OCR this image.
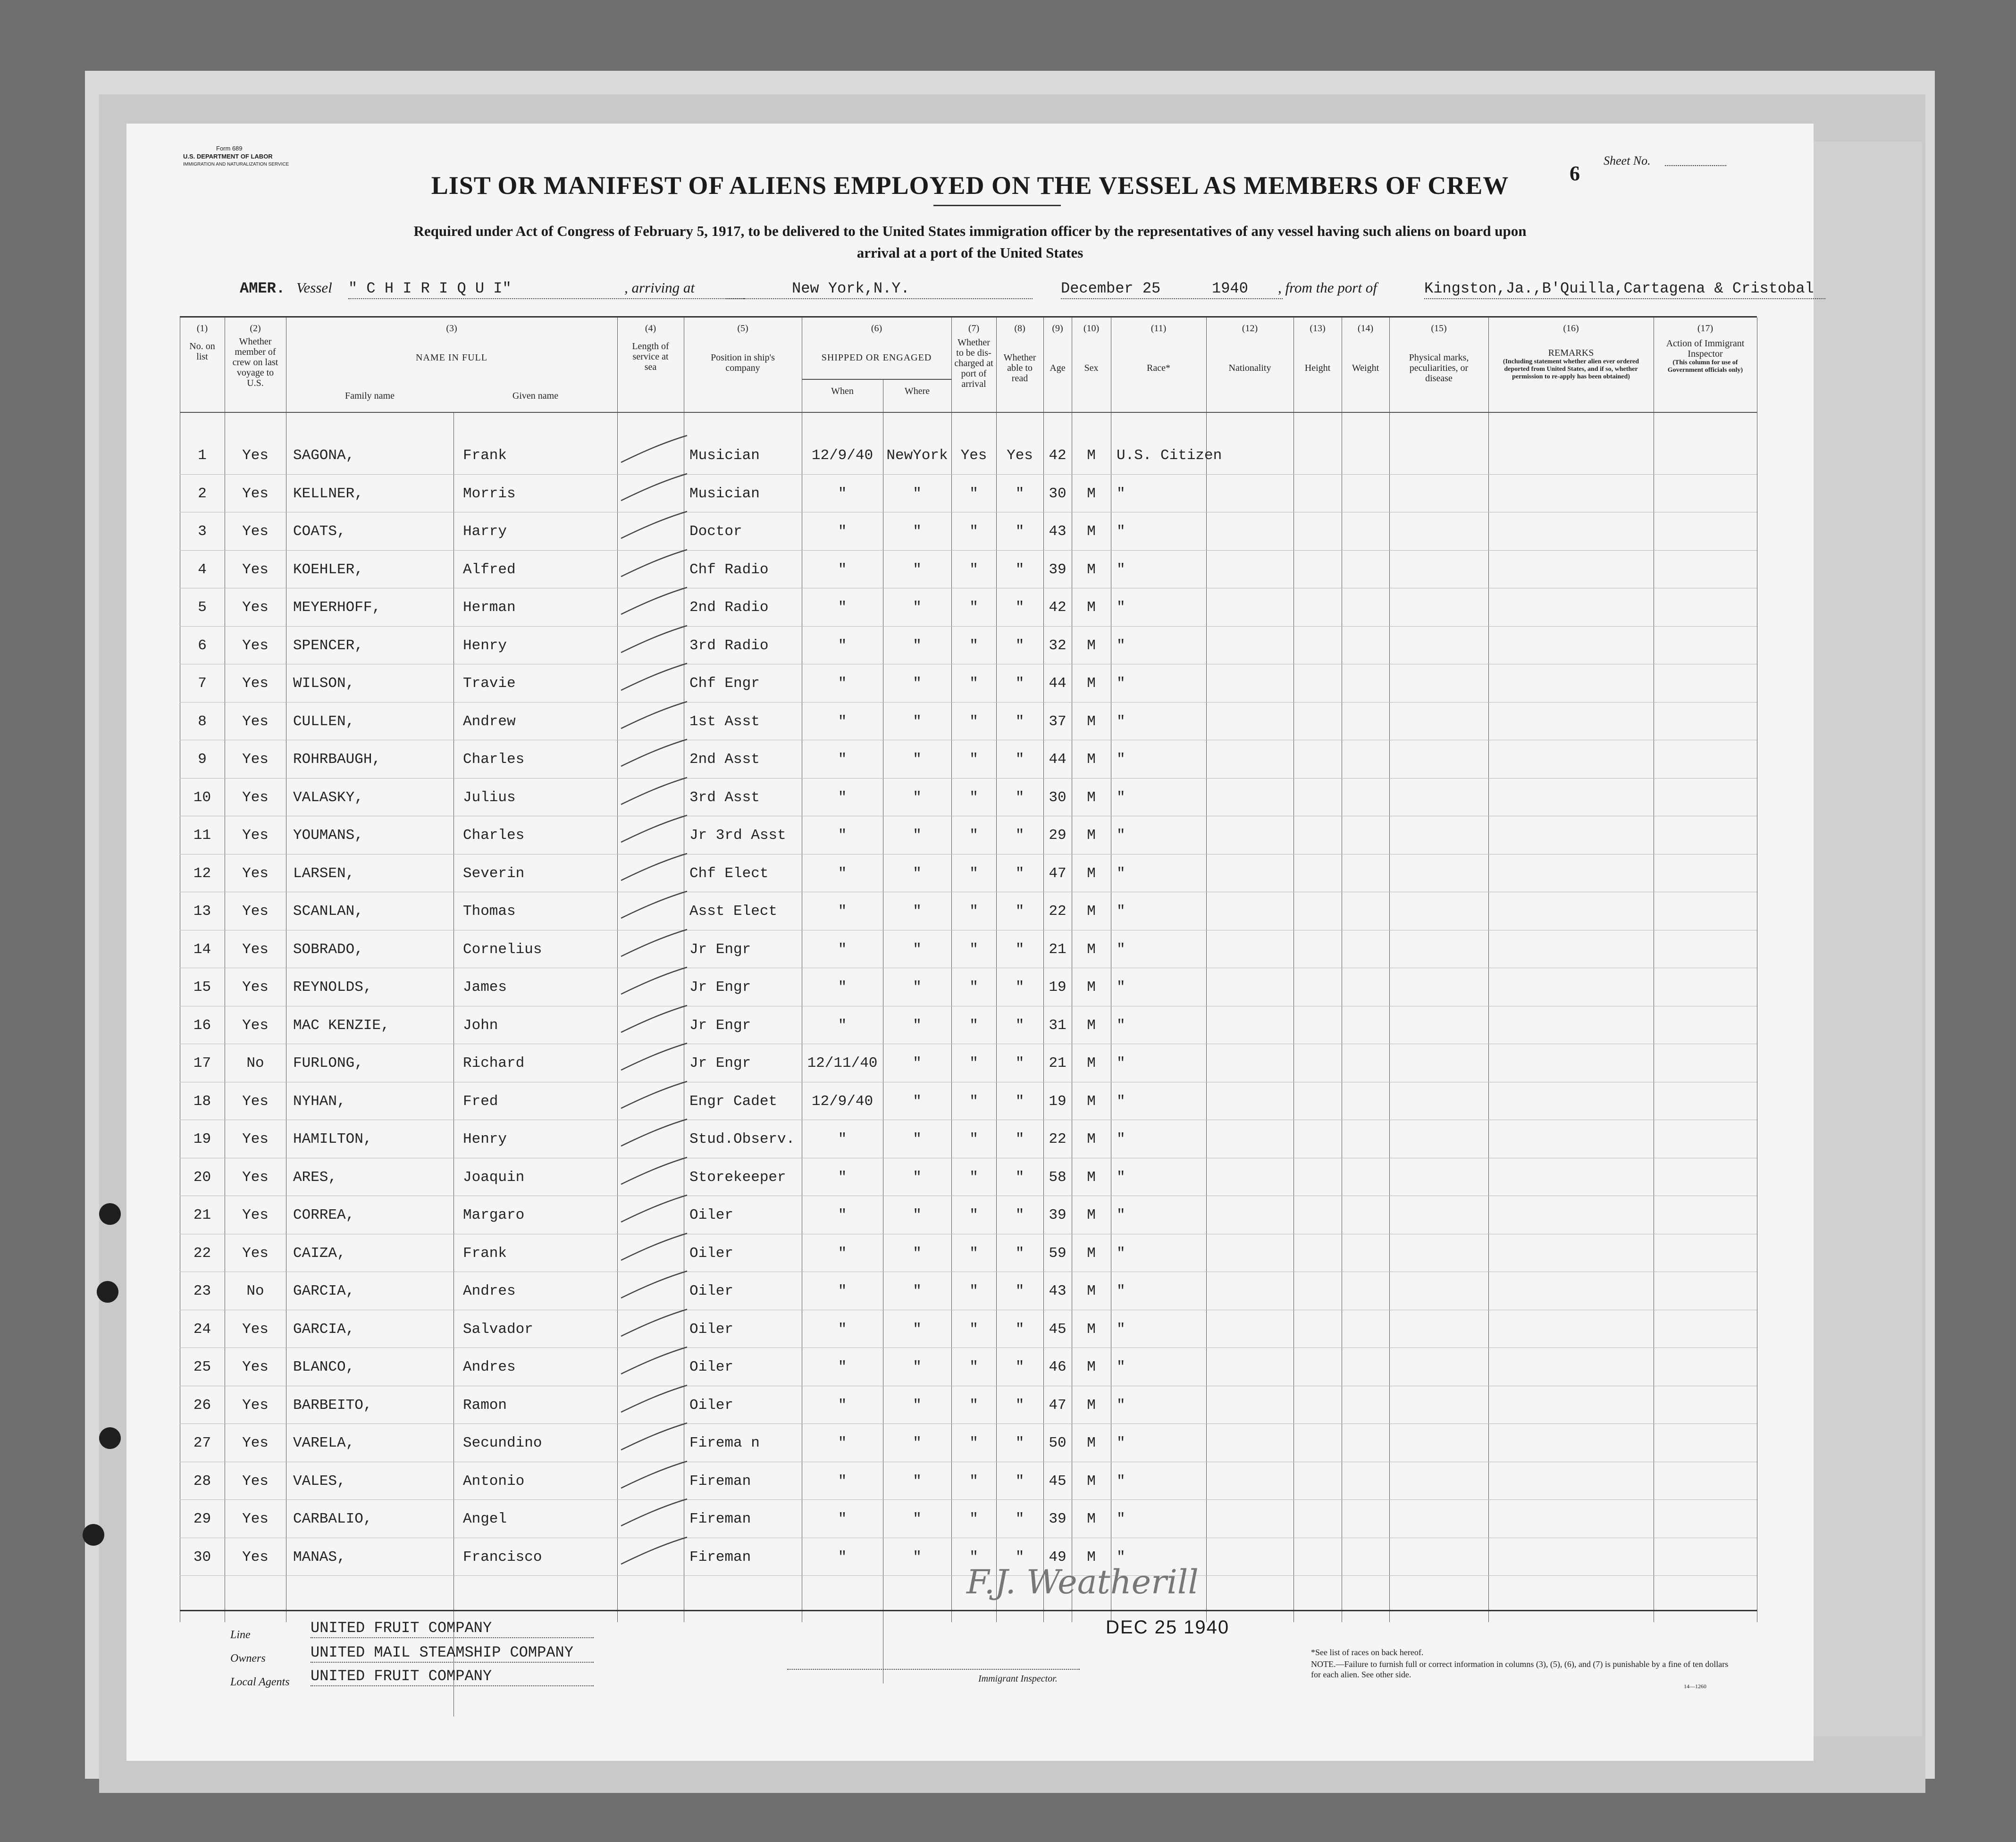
Form 689
U.S. DEPARTMENT OF LABOR
IMMIGRATION AND NATURALIZATION SERVICE
LIST OR MANIFEST OF ALIENS EMPLOYED ON THE VESSEL AS MEMBERS OF CREW	6
Sheet No.
Required under Act of Congress of February 5, 1917, to be delivered to the United States immigration officer by the representatives of any vessel having such aliens on board upon arrival at a port of the United States
AMER. Vessel " C H I R I Q U I"	, arriving at	New York,N.Y.	December 25	1940 , from the port of	Kingston,Ja.,B'Quilla,Cartagena & Cristobal
(1)
No. on list
(2)
Whether member of crew on last voyage to U.S.
(3)
NAME IN FULL
Family name	Given name
(4)
Length of service at sea
(5)
Position in ship's company
(6)
SHIPPED OR ENGAGED
When	Where
(7)
Whether to be dis-charged at port of arrival
(8)
Whether able to read
(9)
Age
(10)
Sex
(11)
Race*
(12)
Nationality
(13)
Height
(14)
Weight
(15)
Physical marks, peculiarities, or disease
(16)
REMARKS
(Including statement whether alien ever ordered deported from United States, and if so, whether permission to re-apply has been obtained)
(17)
Action of Immigrant Inspector
(This column for use of Government officials only)
1	Yes	SAGONA,	Frank	Musician	12/9/40 NewYork Yes	Yes	42	M	U.S. Citizen
2	Yes	KELLNER,	Morris	Musician	"	"	"	"	30	M	"
3	Yes	COATS,	Harry	Doctor	"	"	"	"	43	M	"
4	Yes	KOEHLER,	Alfred	Chf Radio	"	"	"	"	39	M	"
5	Yes	MEYERHOFF,	Herman	2nd Radio	"	"	"	"	42	M	"
6	Yes	SPENCER,	Henry	3rd Radio	"	"	"	"	32	M	"
7	Yes	WILSON,	Travie	Chf Engr	"	"	"	"	44	M	"
8	Yes	CULLEN,	Andrew	1st Asst	"	"	"	"	37	M	"
9	Yes	ROHRBAUGH,	Charles	2nd Asst	"	"	"	"	44	M	"
10	Yes	VALASKY,	Julius	3rd Asst	"	"	"	"	30	M	"
11	Yes	YOUMANS,	Charles	Jr 3rd Asst	"	"	"	"	29	M	"
12	Yes	LARSEN,	Severin	Chf Elect	"	"	"	"	47	M	"
13	Yes	SCANLAN,	Thomas	Asst Elect	"	"	"	"	22	M	"
14	Yes	SOBRADO,	Cornelius	Jr Engr	"	"	"	"	21	M	"
15	Yes	REYNOLDS,	James	Jr Engr	"	"	"	"	19	M	"
16	Yes	MAC KENZIE,	John	Jr Engr	"	"	"	"	31	M	"
17	No	FURLONG,	Richard	Jr Engr	12/11/40	"	"	"	21	M	"
18	Yes	NYHAN,	Fred	Engr Cadet	12/9/40	"	"	"	19	M	"
19	Yes	HAMILTON,	Henry	Stud.Observ.	"	"	"	"	22	M	"
20	Yes	ARES,	Joaquin	Storekeeper	"	"	"	"	58	M	"
21	Yes	CORREA,	Margaro	Oiler	"	"	"	"	39	M	"
22	Yes	CAIZA,	Frank	Oiler	"	"	"	"	59	M	"
23	No	GARCIA,	Andres	Oiler	"	"	"	"	43	M	"
24	Yes	GARCIA,	Salvador	Oiler	"	"	"	"	45	M	"
25	Yes	BLANCO,	Andres	Oiler	"	"	"	"	46	M	"
26	Yes	BARBEITO,	Ramon	Oiler	"	"	"	"	47	M	"
27	Yes	VARELA,	Secundino	Firema n	"	"	"	"	50	M	"
28	Yes	VALES,	Antonio	Fireman	"	"	"	"	45	M	"
29	Yes	CARBALIO,	Angel	Fireman	"	"	"	"	39	M	"
30	Yes	MANAS,	Francisco	Fireman	"	"	"	"	49	M	"
Line	UNITED FRUIT COMPANY
Owners	UNITED MAIL STEAMSHIP COMPANY
Local Agents UNITED FRUIT COMPANY
F.J. Weatherill
DEC 25 1940
Immigrant Inspector.
*See list of races on back hereof.
NOTE.—Failure to furnish full or correct information in columns (3), (5), (6), and (7) is punishable by a fine of ten dollars for each alien. See other side.
14—1260
